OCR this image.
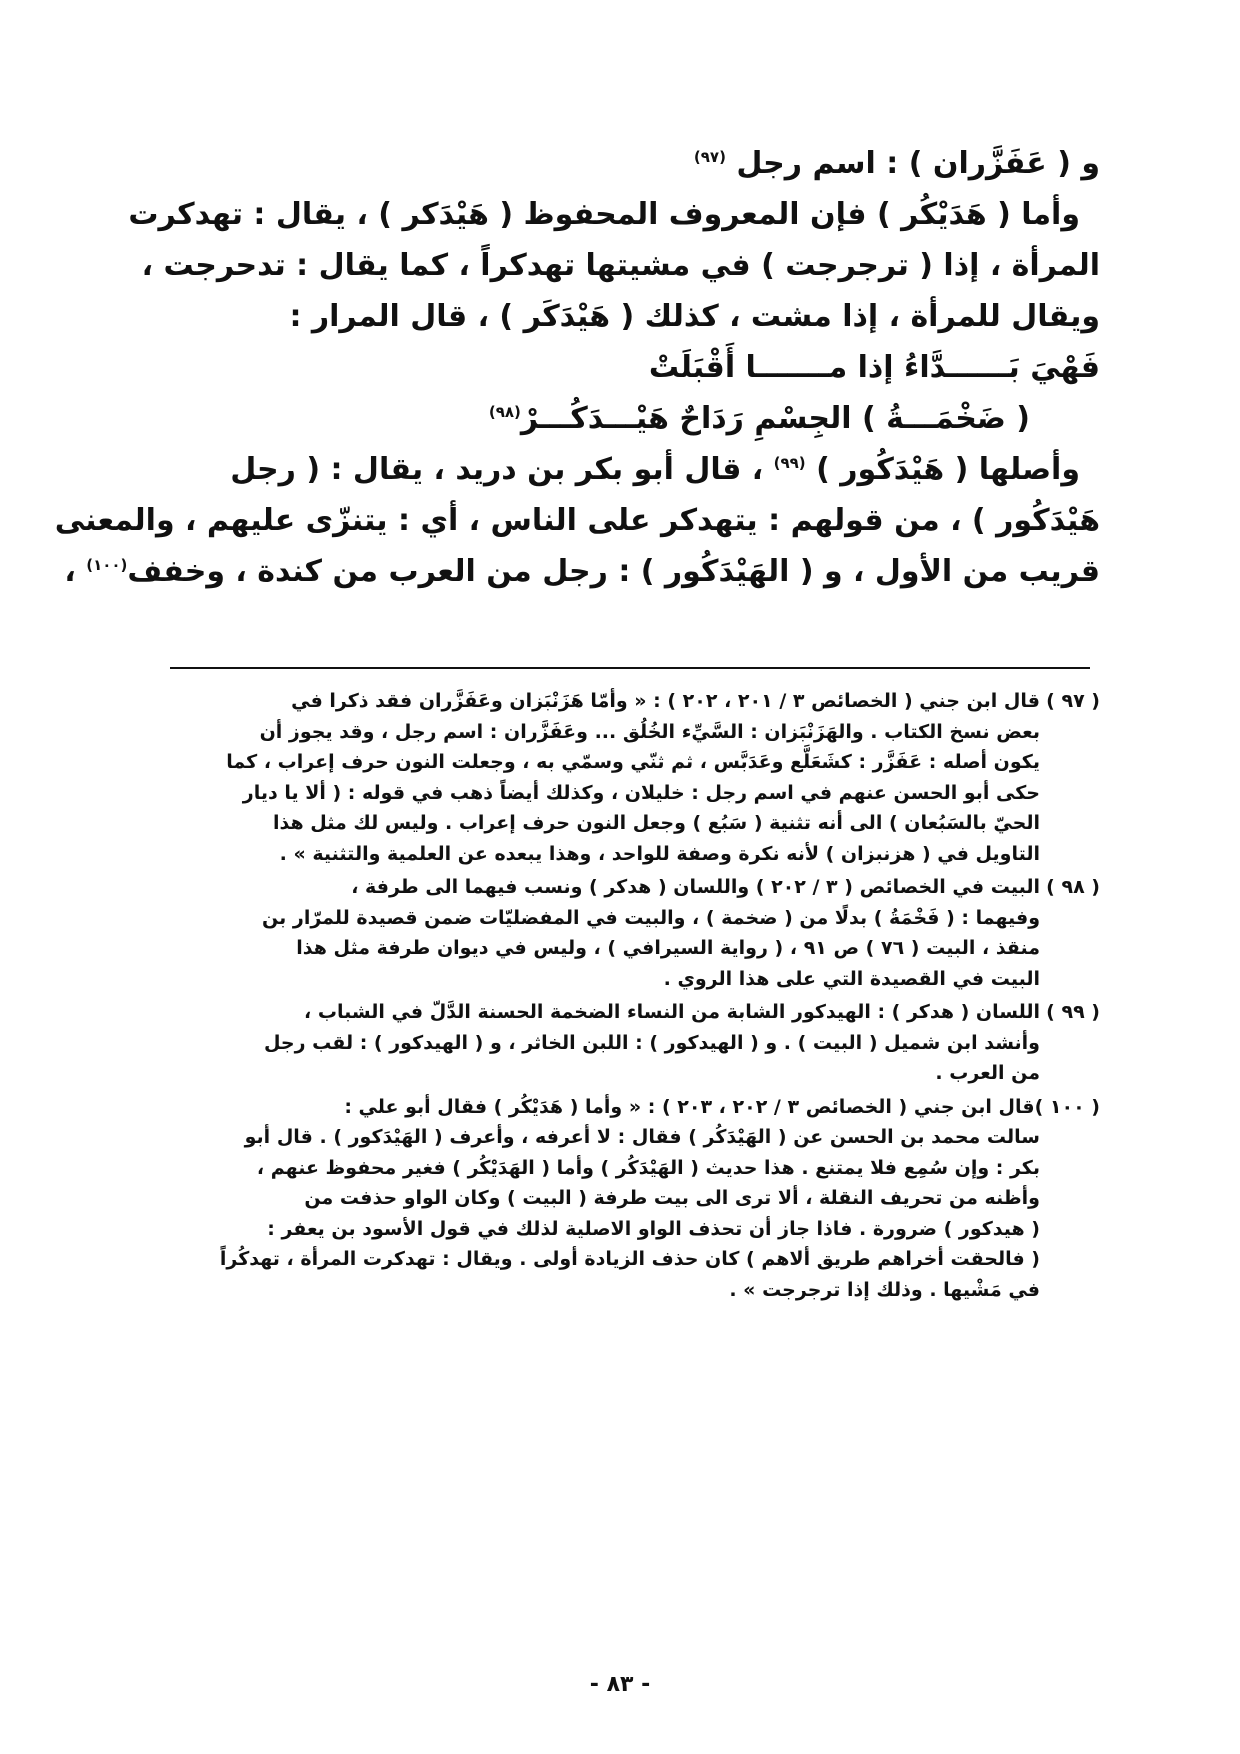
و ( عَفَزَّران ) : اسم رجل $^{(٩٧)}$
وأما ( هَدَيْكُر ) فإن المعروف المحفوظ ( هَيْدَكر ) ، يقال : تهدكرت
المرأة ، إذا ( ترجرجت ) في مشيتها تهدكراً ، كما يقال : تدحرجت ،
ويقال للمرأة ، إذا مشت ، كذلك ( هَيْدَكَر ) ، قال المرار :
فَهْيَ بَــــــدَّاءُ إذا مـــــــا أَقْبَلَتْ
( ضَخْمَـــةُ ) الجِسْمِ رَدَاحٌ هَيْـــدَكُـــرْ$^{(٩٨)}$
وأصلها ( هَيْدَكُور ) $^{(٩٩)}$ ، قال أبو بكر بن دريد ، يقال : ( رجل
هَيْدَكُور ) ، من قولهم : يتهدكر على الناس ، أي : يتنزّى عليهم ، والمعنى
قريب من الأول ، و ( الهَيْدَكُور ) : رجل من العرب من كندة ، وخفف$^{(١٠٠)}$ ،
( ٩٧ )قال ابن جني ( الخصائص ٣ / ٢٠١ ، ٢٠٢ ) : « وأمّا هَزَنْبَزان وعَفَزَّران فقد ذكرا في
بعض نسخ الكتاب . والهَزَنْبَزان : السَّيِّء الخُلُق ... وعَفَزَّران : اسم رجل ، وقد يجوز أن
يكون أصله : عَفَزَّر : كشَعَلَّع وعَدَبَّس ، ثم ثنّي وسمّي به ، وجعلت النون حرف إعراب ، كما
حكى أبو الحسن عنهم في اسم رجل : خليلان ، وكذلك أيضاً ذهب في قوله : ( ألا يا ديار
الحيّ بالسَبُعان ) الى أنه تثنية ( سَبُع ) وجعل النون حرف إعراب . وليس لك مثل هذا
التاويل في ( هزنبزان ) لأنه نكرة وصفة للواحد ، وهذا يبعده عن العلمية والتثنية » .
( ٩٨ )البيت في الخصائص ( ٣ / ٢٠٢ ) واللسان ( هدكر ) ونسب فيهما الى طرفة ،
وفيهما : ( فَخْمَةُ ) بدلًا من ( ضخمة ) ، والبيت في المفضليّات ضمن قصيدة للمرّار بن
منقذ ، البيت ( ٧٦ ) ص ٩١ ، ( رواية السيرافي ) ، وليس في ديوان طرفة مثل هذا
البيت في القصيدة التي على هذا الروي .
( ٩٩ )اللسان ( هدكر ) : الهيدكور الشابة من النساء الضخمة الحسنة الدَّلّ في الشباب ،
وأنشد ابن شميل ( البيت ) . و ( الهيدكور ) : اللبن الخاثر ، و ( الهيدكور ) : لقب رجل
من العرب .
( ١٠٠ )قال ابن جني ( الخصائص ٣ / ٢٠٢ ، ٢٠٣ ) : « وأما ( هَدَيْكُر ) فقال أبو علي :
سالت محمد بن الحسن عن ( الهَيْدَكُر ) فقال : لا أعرفه ، وأعرف ( الهَيْدَكور ) . قال أبو
بكر : وإن سُمِع فلا يمتنع . هذا حديث ( الهَيْدَكُر ) وأما ( الهَدَيْكُر ) فغير محفوظ عنهم ،
وأظنه من تحريف النقلة ، ألا ترى الى بيت طرفة ( البيت ) وكان الواو حذفت من
( هيدكور ) ضرورة . فاذا جاز أن تحذف الواو الاصلية لذلك في قول الأسود بن يعفر :
( فالحقت أخراهم طريق ألاهم ) كان حذف الزيادة أولى . ويقال : تهدكرت المرأة ، تهدكُراً
في مَشْيها . وذلك إذا ترجرجت » .
- ٨٣ -
